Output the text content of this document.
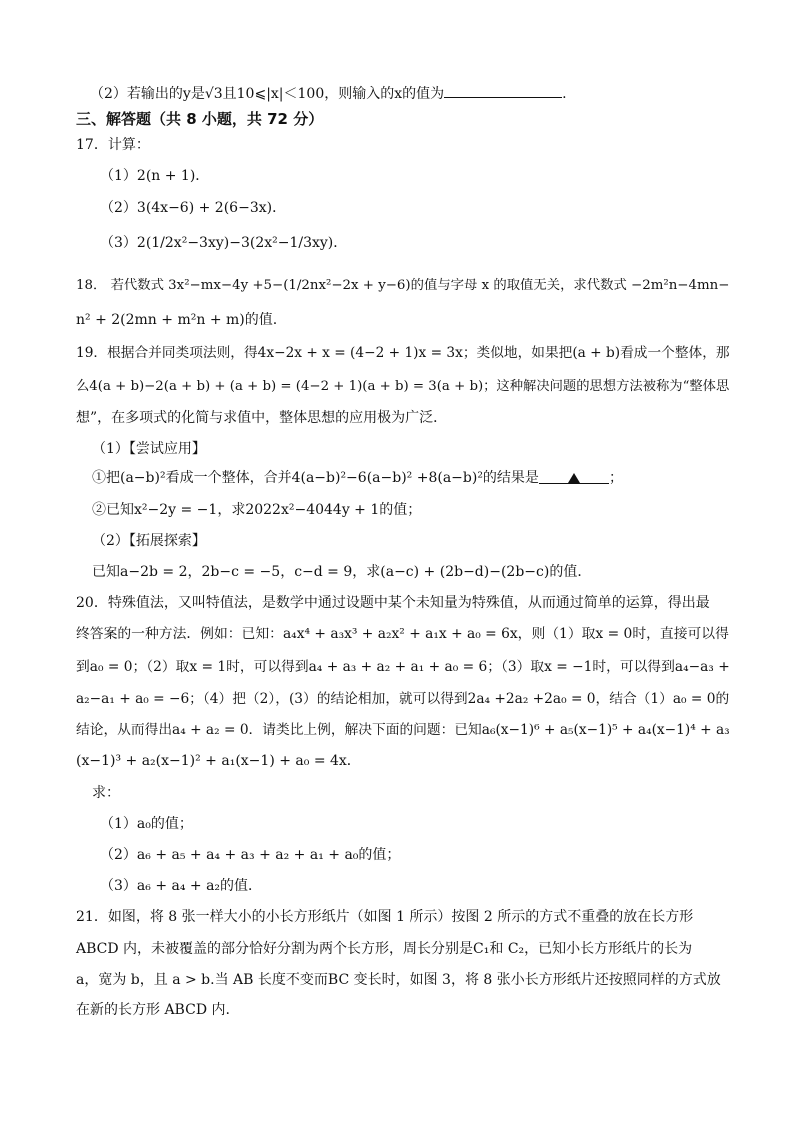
（2）若输出的y是√3且10⩽|x|＜100，则输入的x的值为	.
三、解答题（共 8 小题，共 72 分）
17．计算：
（1）2(n + 1)．
（2）3(4x−6) + 2(6−3x)．
（3）2(1/2x²−3xy)−3(2x²−1/3xy)．
18． 若代数式 3x²−mx−4y +5−(1/2nx²−2x + y−6)的值与字母 x 的取值无关，求代数式 −2m²n−4mn−
n² + 2(2mn + m²n + m)的值.
19．根据合并同类项法则，得4x−2x + x = (4−2 + 1)x = 3x；类似地，如果把(a + b)看成一个整体，那
么4(a + b)−2(a + b) + (a + b) = (4−2 + 1)(a + b) = 3(a + b)；这种解决问题的思想方法被称为“整体思
想”，在多项式的化简与求值中，整体思想的应用极为广泛．
（1）【尝试应用】
①把(a−b)²看成一个整体，合并4(a−b)²−6(a−b)² +8(a−b)²的结果是	；
②已知x²−2y = −1，求2022x²−4044y + 1的值；
（2）【拓展探索】
已知a−2b = 2，2b−c = −5，c−d = 9，求(a−c) + (2b−d)−(2b−c)的值．
20．特殊值法，又叫特值法，是数学中通过设题中某个未知量为特殊值，从而通过简单的运算，得出最
终答案的一种方法．例如：已知：a₄x⁴ + a₃x³ + a₂x² + a₁x + a₀ = 6x，则（1）取x = 0时，直接可以得
到a₀ = 0；（2）取x = 1时，可以得到a₄ + a₃ + a₂ + a₁ + a₀ = 6；（3）取x = −1时，可以得到a₄−a₃ +
a₂−a₁ + a₀ = −6；（4）把（2），(3）的结论相加，就可以得到2a₄ +2a₂ +2a₀ = 0，结合（1）a₀ = 0的
结论，从而得出a₄ + a₂ = 0．请类比上例，解决下面的问题：已知a₆(x−1)⁶ + a₅(x−1)⁵ + a₄(x−1)⁴ + a₃
(x−1)³ + a₂(x−1)² + a₁(x−1) + a₀ = 4x．
求：
（1）a₀的值；
（2）a₆ + a₅ + a₄ + a₃ + a₂ + a₁ + a₀的值；
（3）a₆ + a₄ + a₂的值．
21．如图，将 8 张一样大小的小长方形纸片（如图 1 所示）按图 2 所示的方式不重叠的放在长方形
ABCD 内，未被覆盖的部分恰好分割为两个长方形，周长分别是C₁和 C₂，已知小长方形纸片的长为
a，宽为 b，且 a > b.当 AB 长度不变而BC 变长时，如图 3，将 8 张小长方形纸片还按照同样的方式放
在新的长方形 ABCD 内.
